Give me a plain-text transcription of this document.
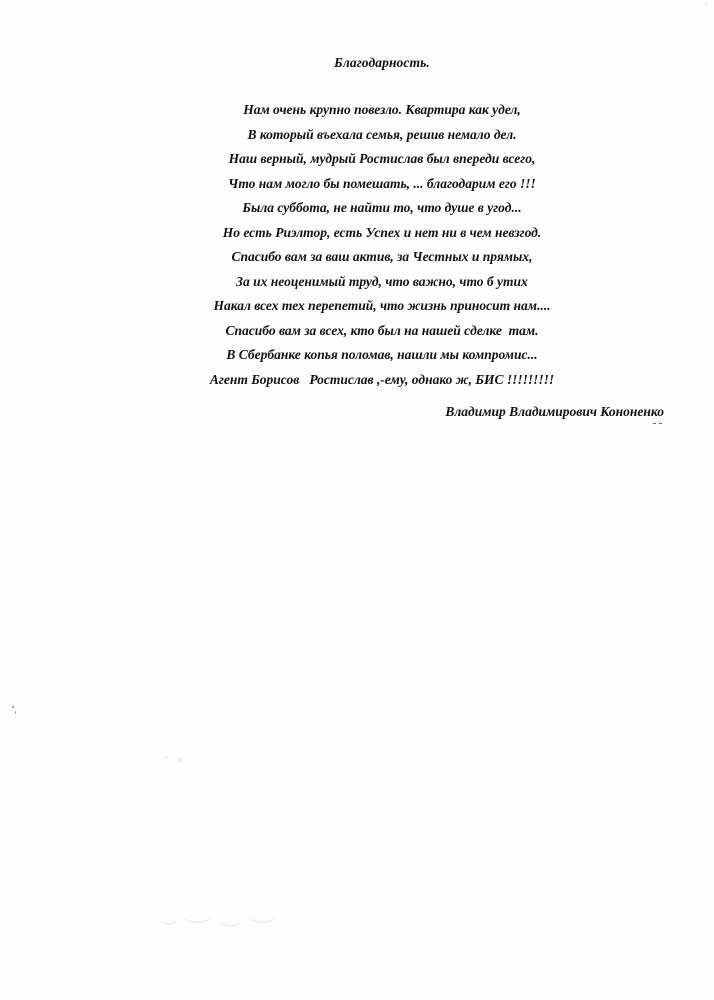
Благодарность.
Нам очень крупно повезло. Квартира как удел,
В который въехала семья, решив немало дел.
Наш верный, мудрый Ростислав был впереди всего,
Что нам могло бы помешать, ... благодарим его !!!
Была суббота, не найти то, что душе в угод...
Но есть Риэлтор, есть Успех и нет ни в чем невзгод.
Спасибо вам за ваш актив, за Честных и прямых,
За их неоценимый труд, что важно, что б утих
Накал всех тех перепетий, что жизнь приносит нам....
Спасибо вам за всех, кто был на нашей сделке  там.
В Сбербанке копья поломав, нашли мы компромис...
Агент Борисов   Ростислав ,-ему, однако ж, БИС !!!!!!!!!
Владимир Владимирович Кононенко
